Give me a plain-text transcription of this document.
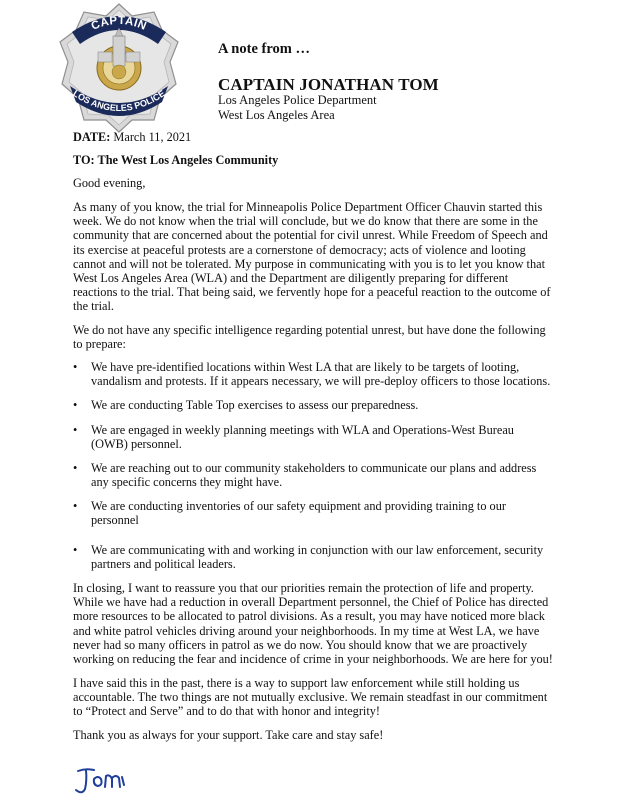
CAPTAIN
LOS ANGELES POLICE
A note from …
CAPTAIN JONATHAN TOM
Los Angeles Police Department
West Los Angeles Area

DATE: March 11, 2021

TO: The West Los Angeles Community

Good evening,

As many of you know, the trial for Minneapolis Police Department Officer Chauvin started this week. We do not know when the trial will conclude, but we do know that there are some in the community that are concerned about the potential for civil unrest. While Freedom of Speech and its exercise at peaceful protests are a cornerstone of democracy; acts of violence and looting cannot and will not be tolerated. My purpose in communicating with you is to let you know that West Los Angeles Area (WLA) and the Department are diligently preparing for different reactions to the trial. That being said, we fervently hope for a peaceful reaction to the outcome of the trial.

We do not have any specific intelligence regarding potential unrest, but have done the following to prepare:

• We have pre-identified locations within West LA that are likely to be targets of looting, vandalism and protests. If it appears necessary, we will pre-deploy officers to those locations.
• We are conducting Table Top exercises to assess our preparedness.
• We are engaged in weekly planning meetings with WLA and Operations-West Bureau (OWB) personnel.
• We are reaching out to our community stakeholders to communicate our plans and address any specific concerns they might have.
• We are conducting inventories of our safety equipment and providing training to our personnel
• We are communicating with and working in conjunction with our law enforcement, security partners and political leaders.

In closing, I want to reassure you that our priorities remain the protection of life and property. While we have had a reduction in overall Department personnel, the Chief of Police has directed more resources to be allocated to patrol divisions. As a result, you may have noticed more black and white patrol vehicles driving around your neighborhoods. In my time at West LA, we have never had so many officers in patrol as we do now. You should know that we are proactively working on reducing the fear and incidence of crime in your neighborhoods. We are here for you!

I have said this in the past, there is a way to support law enforcement while still holding us accountable. The two things are not mutually exclusive. We remain steadfast in our commitment to “Protect and Serve” and to do that with honor and integrity!

Thank you as always for your support. Take care and stay safe!
